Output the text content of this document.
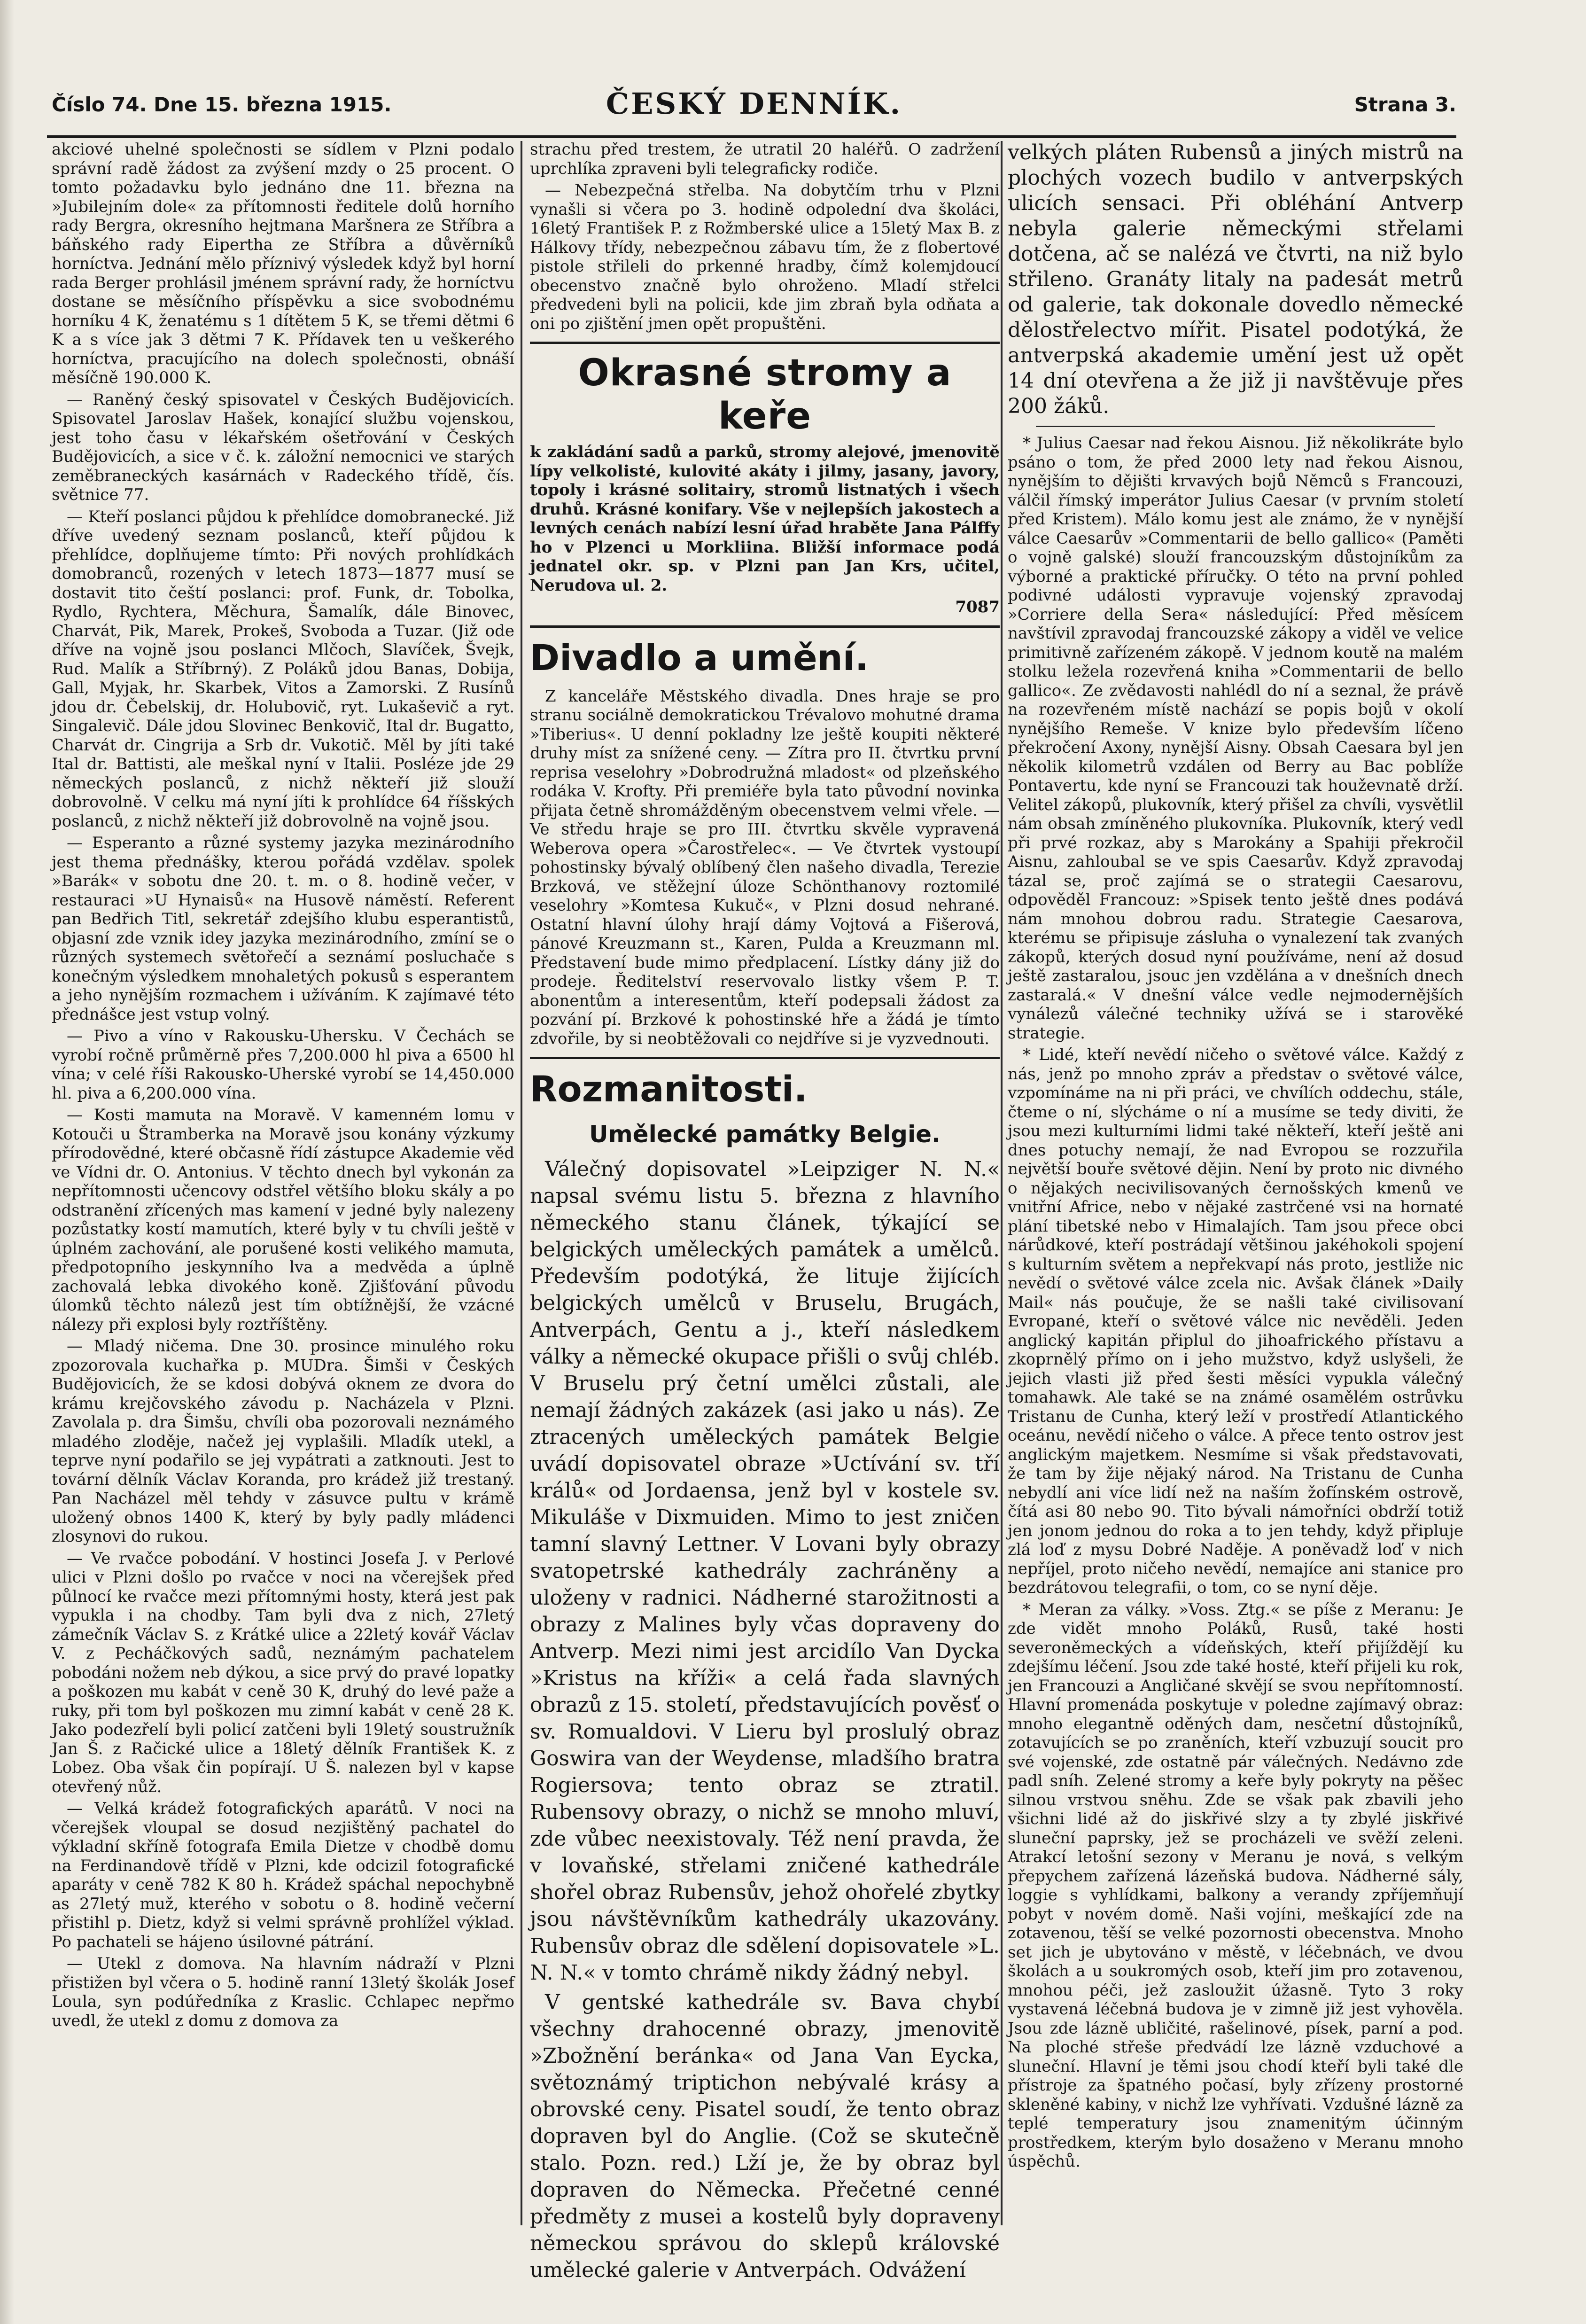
Číslo 74. Dne 15. března 1915.	ČESKÝ DENNÍK.	Strana 3.

akciové uhelné společnosti se sídlem v Plzni podalo správní radě žádost za zvýšení mzdy o 25 procent. O tomto požadavku bylo jednáno dne 11. března na »Jubilejním dole« za přítomnosti ředitele dolů horního rady Bergra, okresního hejtmana Maršnera ze Stříbra a báňského rady Eipertha ze Stříbra a důvěrníků horníctva. Jednání mělo příznivý výsledek když byl horní rada Berger prohlásil jménem správní rady, že horníctvu dostane se měsíčního příspěvku a sice svobodnému horníku 4 K, ženatému s 1 dítětem 5 K, se třemi dětmi 6 K a s více jak 3 dětmi 7 K. Přídavek ten u veškerého horníctva, pracujícího na dolech společnosti, obnáší měsíčně 190.000 K.

— Raněný český spisovatel v Českých Budějovicích. Spisovatel Jaroslav Hašek, konající službu vojenskou, jest toho času v lékařském ošetřování v Českých Budějovicích, a sice v č. k. záložní nemocnici ve starých zeměbraneckých kasárnách v Radeckého třídě, čís. světnice 77.

— Kteří poslanci půjdou k přehlídce domobranecké. Již dříve uvedený seznam poslanců, kteří půjdou k přehlídce, doplňujeme tímto: Při nových prohlídkách domobranců, rozených v letech 1873—1877 musí se dostavit tito čeští poslanci: prof. Funk, dr. Tobolka, Rydlo, Rychtera, Měchura, Šamalík, dále Binovec, Charvát, Pik, Marek, Prokeš, Svoboda a Tuzar. (Již ode dříve na vojně jsou poslanci Mlčoch, Slavíček, Švejk, Rud. Malík a Stříbrný). Z Poláků jdou Banas, Dobija, Gall, Myjak, hr. Skarbek, Vitos a Zamorski. Z Rusínů jdou dr. Čebelskij, dr. Holubovič, ryt. Lukaševič a ryt. Singalevič. Dále jdou Slovinec Benkovič, Ital dr. Bugatto, Charvát dr. Cingrija a Srb dr. Vukotič. Měl by jíti také Ital dr. Battisti, ale meškal nyní v Italii. Posléze jde 29 německých poslanců, z nichž někteří již slouží dobrovolně. V celku má nyní jíti k prohlídce 64 říšských poslanců, z nichž někteří již dobrovolně na vojně jsou.

— Esperanto a různé systemy jazyka mezinárodního jest thema přednášky, kterou pořádá vzdělav. spolek »Barák« v sobotu dne 20. t. m. o 8. hodině večer, v restauraci »U Hynaisů« na Husově náměstí. Referent pan Bedřich Titl, sekretář zdejšího klubu esperantistů, objasní zde vznik idey jazyka mezinárodního, zmíní se o různých systemech světořečí a seznámí posluchače s konečným výsledkem mnohaletých pokusů s esperantem a jeho nynějším rozmachem i užíváním. K zajímavé této přednášce jest vstup volný.

— Pivo a víno v Rakousku-Uhersku. V Čechách se vyrobí ročně průměrně přes 7,200.000 hl piva a 6500 hl vína; v celé říši Rakousko-Uherské vyrobí se 14,450.000 hl. piva a 6,200.000 vína.

— Kosti mamuta na Moravě. V kamenném lomu v Kotouči u Štramberka na Moravě jsou konány výzkumy přírodovědné, které občasně řídí zástupce Akademie věd ve Vídni dr. O. Antonius. V těchto dnech byl vykonán za nepřítomnosti učencovy odstřel většího bloku skály a po odstranění zřícených mas kamení v jedné byly nalezeny pozůstatky kostí mamutích, které byly v tu chvíli ještě v úplném zachování, ale porušené kosti velikého mamuta, předpotopního jeskynního lva a medvěda a úplně zachovalá lebka divokého koně. Zjišťování původu úlomků těchto nálezů jest tím obtížnější, že vzácné nálezy při explosi byly roztříštěny.

— Mladý ničema. Dne 30. prosince minulého roku zpozorovala kuchařka p. MUDra. Šimši v Českých Budějovicích, že se kdosi dobývá oknem ze dvora do krámu krejčovského závodu p. Nacházela v Plzni. Zavolala p. dra Šimšu, chvíli oba pozorovali neznámého mladého zloděje, načež jej vyplašili. Mladík utekl, a teprve nyní podařilo se jej vypátrati a zatknouti. Jest to tovární dělník Václav Koranda, pro krádež již trestaný. Pan Nacházel měl tehdy v zásuvce pultu v krámě uložený obnos 1400 K, který by byly padly mládenci zlosynovi do rukou.

— Ve rvačce pobodání. V hostinci Josefa J. v Perlové ulici v Plzni došlo po rvačce v noci na včerejšek před půlnocí ke rvačce mezi přítomnými hosty, která jest pak vypukla i na chodby. Tam byli dva z nich, 27letý zámečník Václav S. z Krátké ulice a 22letý kovář Václav V. z Pecháčkových sadů, neznámým pachatelem pobodáni nožem neb dýkou, a sice prvý do pravé lopatky a poškozen mu kabát v ceně 30 K, druhý do levé paže a ruky, při tom byl poškozen mu zimní kabát v ceně 28 K. Jako podezřelí byli policí zatčeni byli 19letý soustružník Jan Š. z Račické ulice a 18letý dělník František K. z Lobez. Oba však čin popírají. U Š. nalezen byl v kapse otevřený nůž.

— Velká krádež fotografických aparátů. V noci na včerejšek vloupal se dosud nezjištěný pachatel do výkladní skříně fotografa Emila Dietze v chodbě domu na Ferdinandově třídě v Plzni, kde odcizil fotografické aparáty v ceně 782 K 80 h. Krádež spáchal nepochybně as 27letý muž, kterého v sobotu o 8. hodině večerní přistihl p. Dietz, když si velmi správně prohlížel výklad. Po pachateli se hájeno úsilovné pátrání.

— Utekl z domova. Na hlavním nádraží v Plzni přistižen byl včera o 5. hodině ranní 13letý školák Josef Loula, syn podúředníka z Kraslic. Cchlapec nepřmo uvedl, že utekl z domu z domova za

strachu před trestem, že utratil 20 haléřů. O zadržení uprchlíka zpraveni byli telegraficky rodiče.

— Nebezpečná střelba. Na dobytčím trhu v Plzni vynašli si včera po 3. hodině odpolední dva školáci, 16letý František P. z Rožmberské ulice a 15letý Max B. z Hálkovy třídy, nebezpečnou zábavu tím, že z flobertové pistole střileli do prkenné hradby, čímž kolemjdoucí obecenstvo značně bylo ohroženo. Mladí střelci předvedeni byli na policii, kde jim zbraň byla odňata a oni po zjištění jmen opět propuštěni.

Okrasné stromy a keře

k zakládání sadů a parků, stromy alejové, jmenovitě lípy velkolisté, kulovité akáty i jilmy, jasany, javory, topoly i krásné solitairy, stromů listnatých i všech druhů. Krásné konifary. Vše v nejlepších jakostech a levných cenách nabízí lesní úřad hraběte Jana Pálffy ho v Plzenci u Morkliina. Bližší informace podá jednatel okr. sp. v Plzni pan Jan Krs, učitel, Nerudova ul. 2.

7087
Divadlo a umění.

Z kanceláře Městského divadla. Dnes hraje se pro stranu sociálně demokratickou Trévalovo mohutné drama »Tiberius«. U denní pokladny lze ještě koupiti některé druhy míst za snížené ceny. — Zítra pro II. čtvrtku první reprisa veselohry »Dobrodružná mladost« od plzeňského rodáka V. Krofty. Při premiéře byla tato původní novinka přijata četně shromážděným obecenstvem velmi vřele. — Ve středu hraje se pro III. čtvrtku skvěle vypravená Weberova opera »Čarostřelec«. — Ve čtvrtek vystoupí pohostinsky bývalý oblíbený člen našeho divadla, Terezie Brzková, ve stěžejní úloze Schönthanovy roztomilé veselohry »Komtesa Kukuč«, v Plzni dosud nehrané. Ostatní hlavní úlohy hrají dámy Vojtová a Fišerová, pánové Kreuzmann st., Karen, Pulda a Kreuzmann ml. Představení bude mimo předplacení. Lístky dány již do prodeje. Ředitelství reservovalo listky všem P. T. abonentům a interesentům, kteří podepsali žádost za pozvání pí. Brzkové k pohostinské hře a žádá je tímto zdvořile, by si neobtěžovali co nejdříve si je vyzvednouti.

Rozmanitosti.
Umělecké památky Belgie.

Válečný dopisovatel »Leipziger N. N.« napsal svému listu 5. března z hlavního německého stanu článek, týkající se belgických uměleckých památek a umělců. Především podotýká, že lituje žijících belgických umělců v Bruselu, Brugách, Antverpách, Gentu a j., kteří následkem války a německé okupace přišli o svůj chléb. V Bruselu prý četní umělci zůstali, ale nemají žádných zakázek (asi jako u nás). Ze ztracených uměleckých památek Belgie uvádí dopisovatel obraze »Uctívání sv. tří králů« od Jordaensa, jenž byl v kostele sv. Mikuláše v Dixmuiden. Mimo to jest zničen tamní slavný Lettner. V Lovani byly obrazy svatopetrské kathedrály zachráněny a uloženy v radnici. Nádherné starožitnosti a obrazy z Malines byly včas dopraveny do Antverp. Mezi nimi jest arcidílo Van Dycka »Kristus na kříži« a celá řada slavných obrazů z 15. století, představujících pověsť o sv. Romualdovi. V Lieru byl proslulý obraz Goswira van der Weydense, mladšího bratra Rogiersova; tento obraz se ztratil. Rubensovy obrazy, o nichž se mnoho mluví, zde vůbec neexistovaly. Též není pravda, že v lovaňské, střelami zničené kathedrále shořel obraz Rubensův, jehož ohořelé zbytky jsou návštěvníkům kathedrály ukazovány. Rubensův obraz dle sdělení dopisovatele »L. N. N.« v tomto chrámě nikdy žádný nebyl.

V gentské kathedrále sv. Bava chybí všechny drahocenné obrazy, jmenovitě »Zbožnění beránka« od Jana Van Eycka, světoznámý triptichon nebývalé krásy a obrovské ceny. Pisatel soudí, že tento obraz dopraven byl do Anglie. (Což se skutečně stalo. Pozn. red.) Lží je, že by obraz byl dopraven do Německa. Přečetné cenné předměty z musei a kostelů byly dopraveny německou správou do sklepů královské umělecké galerie v Antverpách. Odvážení

velkých pláten Rubensů a jiných mistrů na plochých vozech budilo v antverpských ulicích sensaci. Při obléhání Antverp nebyla galerie německými střelami dotčena, ač se nalézá ve čtvrti, na niž bylo střileno. Granáty litaly na padesát metrů od galerie, tak dokonale dovedlo německé dělostřelectvo mířit. Pisatel podotýká, že antverpská akademie umění jest už opět 14 dní otevřena a že již ji navštěvuje přes 200 žáků.

* Julius Caesar nad řekou Aisnou. Již několikráte bylo psáno o tom, že před 2000 lety nad řekou Aisnou, nynějším to dějišti krvavých bojů Němců s Francouzi, válčil římský imperátor Julius Caesar (v prvním století před Kristem). Málo komu jest ale známo, že v nynější válce Caesarův »Commentarii de bello gallico« (Paměti o vojně galské) slouží francouzským důstojníkům za výborné a praktické příručky. O této na první pohled podivné události vypravuje vojenský zpravodaj »Corriere della Sera« následující: Před měsícem navštívil zpravodaj francouzské zákopy a viděl ve velice primitivně zařízeném zákopě. V jednom koutě na malém stolku ležela rozevřená kniha »Commentarii de bello gallico«. Ze zvědavosti nahlédl do ní a seznal, že právě na rozevřeném místě nachází se popis bojů v okolí nynějšího Remeše. V knize bylo především líčeno překročení Axony, nynější Aisny. Obsah Caesara byl jen několik kilometrů vzdálen od Berry au Bac poblíže Pontavertu, kde nyní se Francouzi tak houževnatě drží. Velitel zákopů, plukovník, který přišel za chvíli, vysvětlil nám obsah zmíněného plukovníka. Plukovník, který vedl při prvé rozkaz, aby s Marokány a Spahiji překročil Aisnu, zahloubal se ve spis Caesarův. Když zpravodaj tázal se, proč zajímá se o strategii Caesarovu, odpověděl Francouz: »Spisek tento ještě dnes podává nám mnohou dobrou radu. Strategie Caesarova, kterému se připisuje zásluha o vynalezení tak zvaných zákopů, kterých dosud nyní používáme, není až dosud ještě zastaralou, jsouc jen vzdělána a v dnešních dnech zastaralá.« V dnešní válce vedle nejmodernějších vynálezů válečné techniky užívá se i starověké strategie.

* Lidé, kteří nevědí ničeho o světové válce. Každý z nás, jenž po mnoho zpráv a představ o světové válce, vzpomínáme na ni při práci, ve chvílích oddechu, stále, čteme o ní, slýcháme o ní a musíme se tedy diviti, že jsou mezi kulturními lidmi také někteří, kteří ještě ani dnes potuchy nemají, že nad Evropou se rozzuřila největší bouře světové dějin. Není by proto nic divného o nějakých necivilisovaných černošských kmenů ve vnitřní Africe, nebo v nějaké zastrčené vsi na hornaté plání tibetské nebo v Himalajích. Tam jsou přece obci nárůdkové, kteří postrádají většinou jakéhokoli spojení s kulturním světem a nepřekvapí nás proto, jestliže nic nevědí o světové válce zcela nic. Avšak článek »Daily Mail« nás poučuje, že se našli také civilisovaní Evropané, kteří o světové válce nic nevěděli. Jeden anglický kapitán připlul do jihoafrického přístavu a zkoprnělý přímo on i jeho mužstvo, když uslyšeli, že jejich vlasti již před šesti měsíci vypukla válečný tomahawk. Ale také se na známé osamělém ostrůvku Tristanu de Cunha, který leží v prostředí Atlantického oceánu, nevědí ničeho o válce. A přece tento ostrov jest anglickým majetkem. Nesmíme si však představovati, že tam by žije nějaký národ. Na Tristanu de Cunha nebydlí ani více lidí než na naším žofínském ostrově, čítá asi 80 nebo 90. Tito bývali námořníci obdrží totiž jen jonom jednou do roka a to jen tehdy, když připluje zlá loď z mysu Dobré Naděje. A poněvadž loď v nich nepříjel, proto ničeho nevědí, nemajíce ani stanice pro bezdrátovou telegrafii, o tom, co se nyní děje.

* Meran za války. »Voss. Ztg.« se píše z Meranu: Je zde vidět mnoho Poláků, Rusů, také hosti severoněmeckých a vídeňských, kteří přijíždějí ku zdejšímu léčení. Jsou zde také hosté, kteří přijeli ku rok, jen Francouzi a Angličané skvějí se svou nepřítomností. Hlavní promenáda poskytuje v poledne zajímavý obraz: mnoho elegantně oděných dam, nesčetní důstojníků, zotavujících se po zraněních, kteří vzbuzují soucit pro své vojenské, zde ostatně pár válečných. Nedávno zde padl sníh. Zelené stromy a keře byly pokryty na pěšec silnou vrstvou sněhu. Zde se však pak zbavili jeho všichni lidé až do jiskřivé slzy a ty zbylé jiskřivé sluneční paprsky, jež se procházeli ve svěží zeleni. Atrakcí letošní sezony v Meranu je nová, s velkým přepychem zařízená lázeňská budova. Nádherné sály, loggie s vyhlídkami, balkony a verandy zpříjemňují pobyt v novém domě. Naši vojíni, meškající zde na zotavenou, těší se velké pozornosti obecenstva. Mnoho set jich je ubytováno v městě, v léčebnách, ve dvou školách a u soukromých osob, kteří jim pro zotavenou, mnohou péči, jež zasloužit úžasně. Tyto 3 roky vystavená léčebná budova je v zimně již jest vyhověla. Jsou zde lázně ubličité, rašelinové, písek, parní a pod. Na ploché střeše předvádí lze lázně vzduchové a sluneční. Hlavní je těmi jsou chodí kteří byli také dle přístroje za špatného počasí, byly zřízeny prostorné skleněné kabiny, v nichž lze vyhřívati. Vzdušné lázně za teplé temperatury jsou znamenitým účinným prostředkem, kterým bylo dosaženo v Meranu mnoho úspěchů.
